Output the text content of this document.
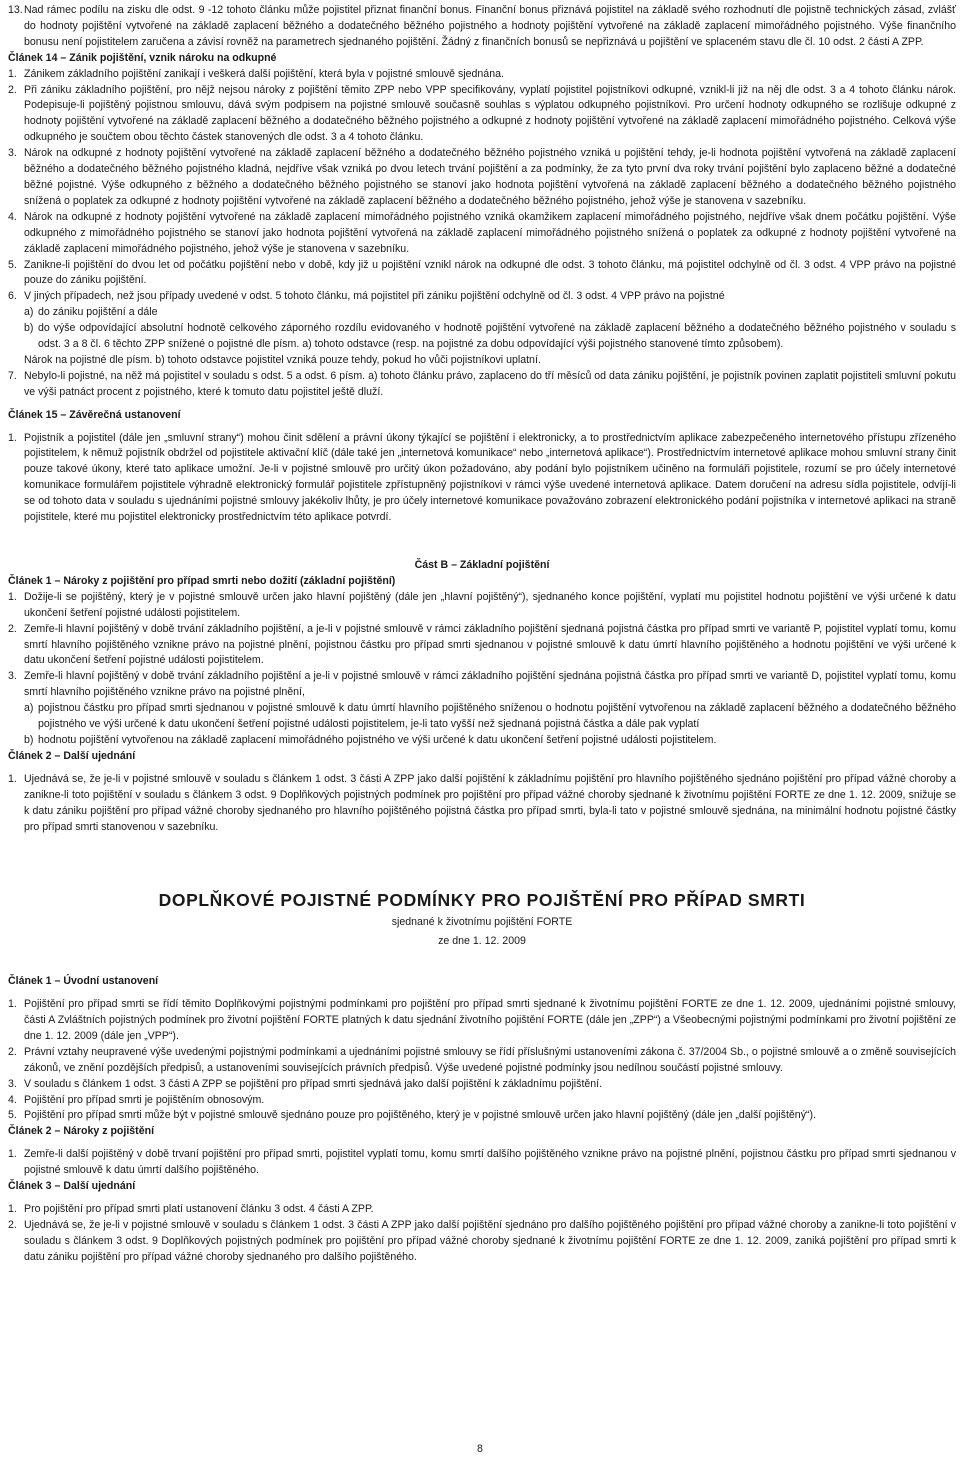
13. Nad rámec podílu na zisku dle odst. 9 -12 tohoto článku může pojistitel přiznat finanční bonus. Finanční bonus přiznává pojistitel na základě svého rozhodnutí dle pojistně technických zásad, zvlášť do hodnoty pojištění vytvořené na základě zaplacení běžného a dodatečného běžného pojistného a hodnoty pojištění vytvořené na základě zaplacení mimořádného pojistného. Výše finančního bonusu není pojistitelem zaručena a závisí rovněž na parametrech sjednaného pojištění. Žádný z finančních bonusů se nepřiznává u pojištění ve splaceném stavu dle čl. 10 odst. 2 části A ZPP.

Článek 14 – Zánik pojištění, vznik nároku na odkupné

1. Zánikem základního pojištění zanikají i veškerá další pojištění, která byla v pojistné smlouvě sjednána.
2. Při zániku základního pojištění, pro nějž nejsou nároky z pojištění těmito ZPP nebo VPP specifikovány, vyplatí pojistitel pojistníkovi odkupné, vznikl-li již na něj dle odst. 3 a 4 tohoto článku nárok. Podepisuje-li pojištěný pojistnou smlouvu, dává svým podpisem na pojistné smlouvě současně souhlas s výplatou odkupného pojistníkovi. Pro určení hodnoty odkupného se rozlišuje odkupné z hodnoty pojištění vytvořené na základě zaplacení běžného a dodatečného běžného pojistného a odkupné z hodnoty pojištění vytvořené na základě zaplacení mimořádného pojistného. Celková výše odkupného je součtem obou těchto částek stanovených dle odst. 3 a 4 tohoto článku.
3. Nárok na odkupné z hodnoty pojištění vytvořené na základě zaplacení běžného a dodatečného běžného pojistného vzniká u pojištění tehdy, je-li hodnota pojištění vytvořená na základě zaplacení běžného a dodatečného běžného pojistného kladná, nejdříve však vzniká po dvou letech trvání pojištění a za podmínky, že za tyto první dva roky trvání pojištění bylo zaplaceno běžné a dodatečné běžné pojistné. Výše odkupného z běžného a dodatečného běžného pojistného se stanoví jako hodnota pojištění vytvořená na základě zaplacení běžného a dodatečného běžného pojistného snížená o poplatek za odkupné z hodnoty pojištění vytvořené na základě zaplacení běžného a dodatečného běžného pojistného, jehož výše je stanovena v sazebníku.
4. Nárok na odkupné z hodnoty pojištění vytvořené na základě zaplacení mimořádného pojistného vzniká okamžikem zaplacení mimořádného pojistného, nejdříve však dnem počátku pojištění. Výše odkupného z mimořádného pojistného se stanoví jako hodnota pojištění vytvořená na základě zaplacení mimořádného pojistného snížená o poplatek za odkupné z hodnoty pojištění vytvořené na základě zaplacení mimořádného pojistného, jehož výše je stanovena v sazebníku.
5. Zanikne-li pojištění do dvou let od počátku pojištění nebo v době, kdy již u pojištění vznikl nárok na odkupné dle odst. 3 tohoto článku, má pojistitel odchylně od čl. 3 odst. 4 VPP právo na pojistné pouze do zániku pojištění.
6. V jiných případech, než jsou případy uvedené v odst. 5 tohoto článku, má pojistitel při zániku pojištění odchylně od čl. 3 odst. 4 VPP právo na pojistné
a) do zániku pojištění a dále
b) do výše odpovídající absolutní hodnotě celkového záporného rozdílu evidovaného v hodnotě pojištění vytvořené na základě zaplacení běžného a dodatečného běžného pojistného v souladu s odst. 3 a 8 čl. 6 těchto ZPP snížené o pojistné dle písm. a) tohoto odstavce (resp. na pojistné za dobu odpovídající výši pojistného stanovené tímto způsobem).

Nárok na pojistné dle písm. b) tohoto odstavce pojistitel vzniká pouze tehdy, pokud ho vůči pojistníkovi uplatní.

7. Nebylo-li pojistné, na něž má pojistitel v souladu s odst. 5 a odst. 6 písm. a) tohoto článku právo, zaplaceno do tří měsíců od data zániku pojištění, je pojistník povinen zaplatit pojistiteli smluvní pokutu ve výši patnáct procent z pojistného, které k tomuto datu pojistitel ještě dluží.

Článek 15 – Závěrečná ustanovení

1. Pojistník a pojistitel (dále jen „smluvní strany“) mohou činit sdělení a právní úkony týkající se pojištění i elektronicky, a to prostřednictvím aplikace zabezpečeného internetového přístupu zřízeného pojistitelem, k němuž pojistník obdržel od pojistitele aktivační klíč (dále také jen „internetová komunikace“ nebo „internetová aplikace“). Prostřednictvím internetové aplikace mohou smluvní strany činit pouze takové úkony, které tato aplikace umožní. Je-li v pojistné smlouvě pro určitý úkon požadováno, aby podání bylo pojistníkem učiněno na formuláři pojistitele, rozumí se pro účely internetové komunikace formulářem pojistitele výhradně elektronický formulář pojistitele zpřístupněný pojistníkovi v rámci výše uvedené internetová aplikace. Datem doručení na adresu sídla pojistitele, odvíjí-li se od tohoto data v souladu s ujednáními pojistné smlouvy jakékoliv lhůty, je pro účely internetové komunikace považováno zobrazení elektronického podání pojistníka v internetové aplikaci na straně pojistitele, které mu pojistitel elektronicky prostřednictvím této aplikace potvrdí.

Část B – Základní pojištění

Článek 1 – Nároky z pojištění pro případ smrti nebo dožití (základní pojištění)

1. Dožije-li se pojištěný, který je v pojistné smlouvě určen jako hlavní pojištěný (dále jen „hlavní pojištěný“), sjednaného konce pojištění, vyplatí mu pojistitel hodnotu pojištění ve výši určené k datu ukončení šetření pojistné události pojistitelem.
2. Zemře-li hlavní pojištěný v době trvání základního pojištění, a je-li v pojistné smlouvě v rámci základního pojištění sjednaná pojistná částka pro případ smrti ve variantě P, pojistitel vyplatí tomu, komu smrtí hlavního pojištěného vznikne právo na pojistné plnění, pojistnou částku pro případ smrti sjednanou v pojistné smlouvě k datu úmrtí hlavního pojištěného a hodnotu pojištění ve výši určené k datu ukončení šetření pojistné události pojistitelem.
3. Zemře-li hlavní pojištěný v době trvání základního pojištění a je-li v pojistné smlouvě v rámci základního pojištění sjednána pojistná částka pro případ smrti ve variantě D, pojistitel vyplatí tomu, komu smrtí hlavního pojištěného vznikne právo na pojistné plnění,
a) pojistnou částku pro případ smrti sjednanou v pojistné smlouvě k datu úmrtí hlavního pojištěného sníženou o hodnotu pojištění vytvořenou na základě zaplacení běžného a dodatečného běžného pojistného ve výši určené k datu ukončení šetření pojistné události pojistitelem, je-li tato vyšší než sjednaná pojistná částka a dále pak vyplatí
b) hodnotu pojištění vytvořenou na základě zaplacení mimořádného pojistného ve výši určené k datu ukončení šetření pojistné události pojistitelem.

Článek 2 – Další ujednání

1. Ujednává se, že je-li v pojistné smlouvě v souladu s článkem 1 odst. 3 části A ZPP jako další pojištění k základnímu pojištění pro hlavního pojištěného sjednáno pojištění pro případ vážné choroby a zanikne-li toto pojištění v souladu s článkem 3 odst. 9 Doplňkových pojistných podmínek pro pojištění pro případ vážné choroby sjednané k životnímu pojištění FORTE ze dne 1. 12. 2009, snižuje se k datu zániku pojištění pro případ vážné choroby sjednaného pro hlavního pojištěného pojistná částka pro případ smrti, byla-li tato v pojistné smlouvě sjednána, na minimální hodnotu pojistné částky pro případ smrti stanovenou v sazebníku.

DOPLŇKOVÉ POJISTNÉ PODMÍNKY PRO POJIŠTĚNÍ PRO PŘÍPAD SMRTI

sjednané k životnímu pojištění FORTE

ze dne 1. 12. 2009

Článek 1 – Úvodní ustanovení

1. Pojištění pro případ smrti se řídí těmito Doplňkovými pojistnými podmínkami pro pojištění pro případ smrti sjednané k životnímu pojištění FORTE ze dne 1. 12. 2009, ujednáními pojistné smlouvy, části A Zvláštních pojistných podmínek pro životní pojištění FORTE platných k datu sjednání životního pojištění FORTE (dále jen „ZPP“) a Všeobecnými pojistnými podmínkami pro životní pojištění ze dne 1. 12. 2009 (dále jen „VPP“).
2. Právní vztahy neupravené výše uvedenými pojistnými podmínkami a ujednáními pojistné smlouvy se řídí příslušnými ustanoveními zákona č. 37/2004 Sb., o pojistné smlouvě a o změně souvisejících zákonů, ve znění pozdějších předpisů, a ustanoveními souvisejících právních předpisů. Výše uvedené pojistné podmínky jsou nedílnou součástí pojistné smlouvy.
3. V souladu s článkem 1 odst. 3 části A ZPP se pojištění pro případ smrti sjednává jako další pojištění k základnímu pojištění.
4. Pojištění pro případ smrti je pojištěním obnosovým.
5. Pojištění pro případ smrti může být v pojistné smlouvě sjednáno pouze pro pojištěného, který je v pojistné smlouvě určen jako hlavní pojištěný (dále jen „další pojištěný“).

Článek 2 – Nároky z pojištění

1. Zemře-li další pojištěný v době trvaní pojištění pro případ smrti, pojistitel vyplatí tomu, komu smrtí dalšího pojištěného vznikne právo na pojistné plnění, pojistnou částku pro případ smrti sjednanou v pojistné smlouvě k datu úmrtí dalšího pojištěného.

Článek 3 – Další ujednání

1. Pro pojištění pro případ smrti platí ustanovení článku 3 odst. 4 části A ZPP.
2. Ujednává se, že je-li v pojistné smlouvě v souladu s článkem 1 odst. 3 části A ZPP jako další pojištění sjednáno pro dalšího pojištěného pojištění pro případ vážné choroby a zanikne-li toto pojištění v souladu s článkem 3 odst. 9 Doplňkových pojistných podmínek pro pojištění pro případ vážné choroby sjednané k životnímu pojištění FORTE ze dne 1. 12. 2009, zaniká pojištění pro případ smrti k datu zániku pojištění pro případ vážné choroby sjednaného pro dalšího pojištěného.
8
